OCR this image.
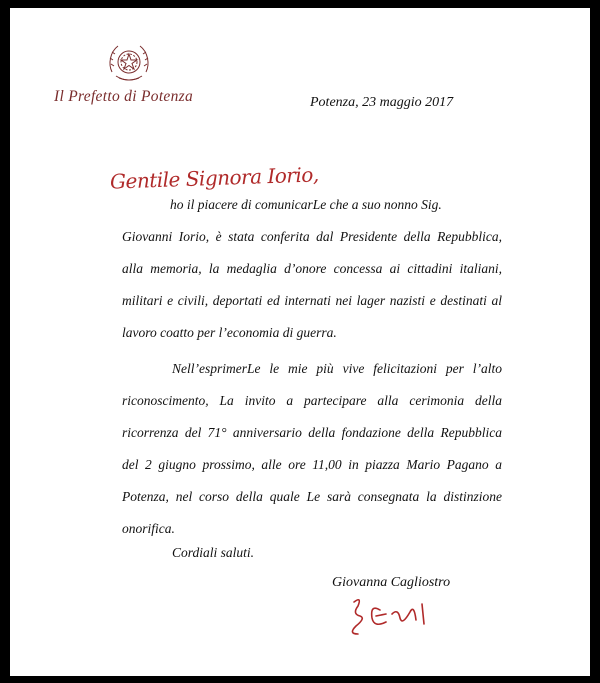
Il Prefetto di Potenza	Potenza, 23 maggio 2017
Gentile Signora Iorio,
ho il piacere di comunicarLe che a suo nonno Sig.
Giovanni Iorio, è stata conferita dal Presidente della Repubblica,
alla memoria, la medaglia d’onore concessa ai cittadini italiani,
militari e civili, deportati ed internati nei lager nazisti e destinati al
lavoro coatto per l’economia di guerra.
Nell’esprimerLe le mie più vive felicitazioni per l’alto
riconoscimento, La invito a partecipare alla cerimonia della
ricorrenza del 71° anniversario della fondazione della Repubblica
del 2 giugno prossimo, alle ore 11,00 in piazza Mario Pagano a
Potenza, nel corso della quale Le sarà consegnata la distinzione
onorifica.
Cordiali saluti.
Giovanna Cagliostro
